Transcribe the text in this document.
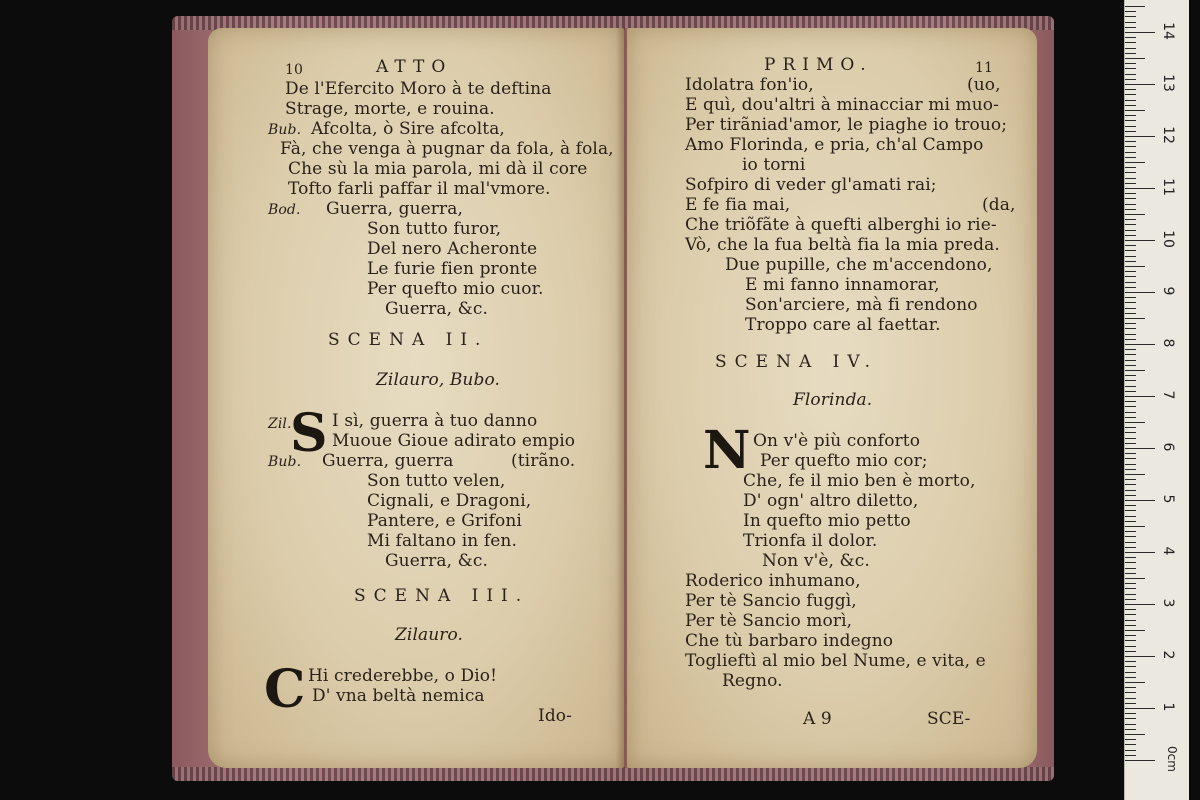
10	ATTO
De l'Efercito Moro à te deftina
Strage, morte, e rouina.
Bub. Afcolta, ò Sire afcolta,
Fà, che venga à pugnar da fola, à fola,
Che sù la mia parola, mi dà il core
Tofto farli paffar il mal'vmore.
Bod. Guerra, guerra,
Son tutto furor,
Del nero Acheronte
Le furie fien pronte
Per quefto mio cuor.
Guerra, &c.
SCENA II.
Zilauro, Bubo.
Zil.
S I sì, guerra à tuo danno
Muoue Gioue adirato empio
Bub. Guerra, guerra	(tirãno.
Son tutto velen,
Cignali, e Dragoni,
Pantere, e Grifoni
Mi faltano in fen.
Guerra, &c.
SCENA III.
Zilauro.
C Hi crederebbe, o Dio!
D' vna beltà nemica
Ido-
PRIMO.	11
Idolatra fon'io,	(uo,
E quì, dou'altri à minacciar mi muo-
Per tirãniad'amor, le piaghe io trouo;
Amo Florinda, e pria, ch'al Campo
io torni
Sofpiro di veder gl'amati rai;
E fe fia mai,	(da,
Che triõfãte à quefti alberghi io rie-
Vò, che la fua beltà fia la mia preda.
Due pupille, che m'accendono,
E mi fanno innamorar,
Son'arciere, mà fi rendono
Troppo care al faettar.
SCENA IV.
Florinda.
N On v'è più conforto
Per quefto mio cor;
Che, fe il mio ben è morto,
D' ogn' altro diletto,
In quefto mio petto
Trionfa il dolor.
Non v'è, &c.
Roderico inhumano,
Per tè Sancio fuggì,
Per tè Sancio morì,
Che tù barbaro indegno
Toglieftì al mio bel Nume, e vita, e
Regno.
A 9	SCE-
0cm
1
2
3
4
5
6
7
8
9
10
11
12
13
14
